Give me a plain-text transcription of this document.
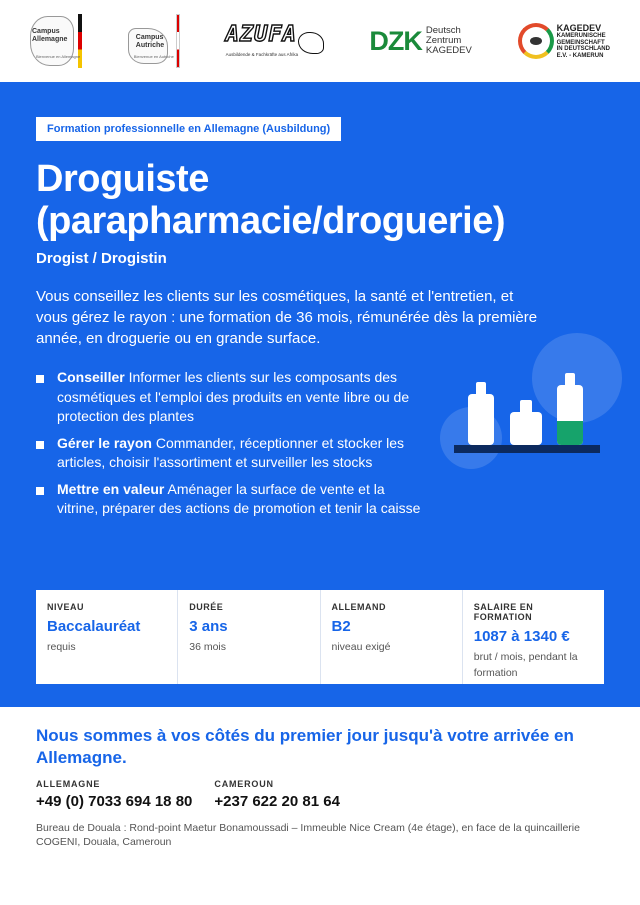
Campus Allemagne
Bienvenue en Allemagne
Campus Autriche
Bienvenue en Autriche
AZUFA
Ausbildende & Fachkräfte aus Afrika	DZK Deutsch
Zentrum
KAGEDEV
KAGEDEV
KAMERUNISCHE
GEMEINSCHAFT
IN DEUTSCHLAND
E.V. - KAMERUN
Formation professionnelle en Allemagne (Ausbildung)
Droguiste (parapharmacie/droguerie)
Drogist / Drogistin

Vous conseillez les clients sur les cosmétiques, la santé et l'entretien, et vous gérez le rayon : une formation de 36 mois, rémunérée dès la première année, en droguerie ou en grande surface.

Conseiller Informer les clients sur les composants des cosmétiques et l'emploi des produits en vente libre ou de protection des plantes
Gérer le rayon Commander, réceptionner et stocker les articles, choisir l'assortiment et surveiller les stocks
Mettre en valeur Aménager la surface de vente et la vitrine, préparer des actions de promotion et tenir la caisse
NIVEAU
Baccalauréat
requis
DURÉE
3 ans
36 mois
ALLEMAND
B2
niveau exigé
SALAIRE EN FORMATION
1087 à 1340 €
brut / mois, pendant la formation
Nous sommes à vos côtés du premier jour jusqu'à votre arrivée en Allemagne.
ALLEMAGNE
+49 (0) 7033 694 18 80
CAMEROUN
+237 622 20 81 64
Bureau de Douala : Rond-point Maetur Bonamoussadi – Immeuble Nice Cream (4e étage), en face de la quincaillerie COGENI, Douala, Cameroun
